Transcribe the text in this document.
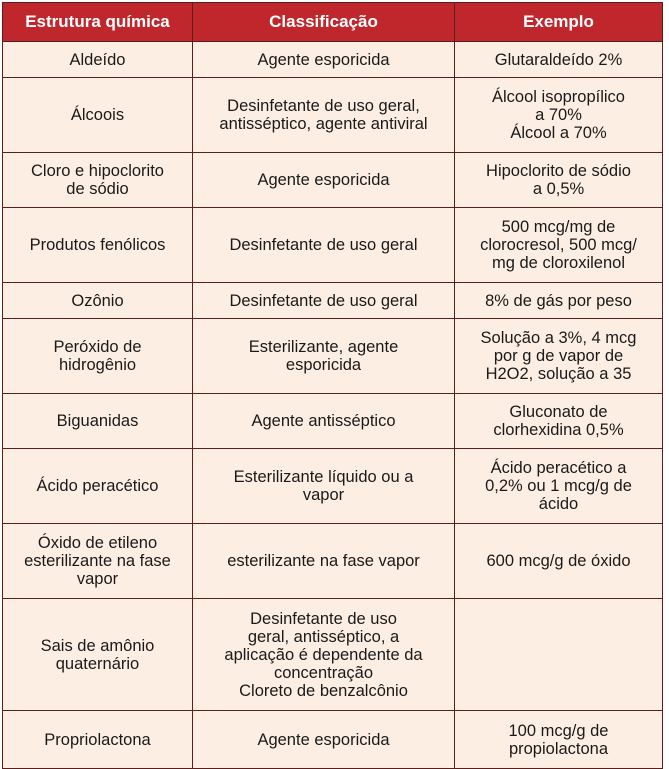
Estrutura química	Classificação	Exemplo

Aldeído	Agente esporicida	Glutaraldeído 2%

Álcoois	Desinfetante de uso geral,
antisséptico, agente antiviral	Álcool isopropílico
a 70%
Álcool a 70%

Cloro e hipoclorito
de sódio	Agente esporicida	Hipoclorito de sódio
a 0,5%

Produtos fenólicos	Desinfetante de uso geral	500 mcg/mg de
clorocresol, 500 mcg/
mg de cloroxilenol

Ozônio	Desinfetante de uso geral	8% de gás por peso

Peróxido de
hidrogênio	Esterilizante, agente
esporicida	Solução a 3%, 4 mcg
por g de vapor de
H2O2, solução a 35

Biguanidas	Agente antisséptico	Gluconato de
clorhexidina 0,5%

Ácido peracético	Esterilizante líquido ou a
vapor	Ácido peracético a
0,2% ou 1 mcg/g de
ácido

Óxido de etileno
esterilizante na fase
vapor	esterilizante na fase vapor	600 mcg/g de óxido

Sais de amônio
quaternário	Desinfetante de uso
geral, antisséptico, a
aplicação é dependente da
concentração
Cloreto de benzalcônio	

Propriolactona	Agente esporicida	100 mcg/g de
propiolactona
